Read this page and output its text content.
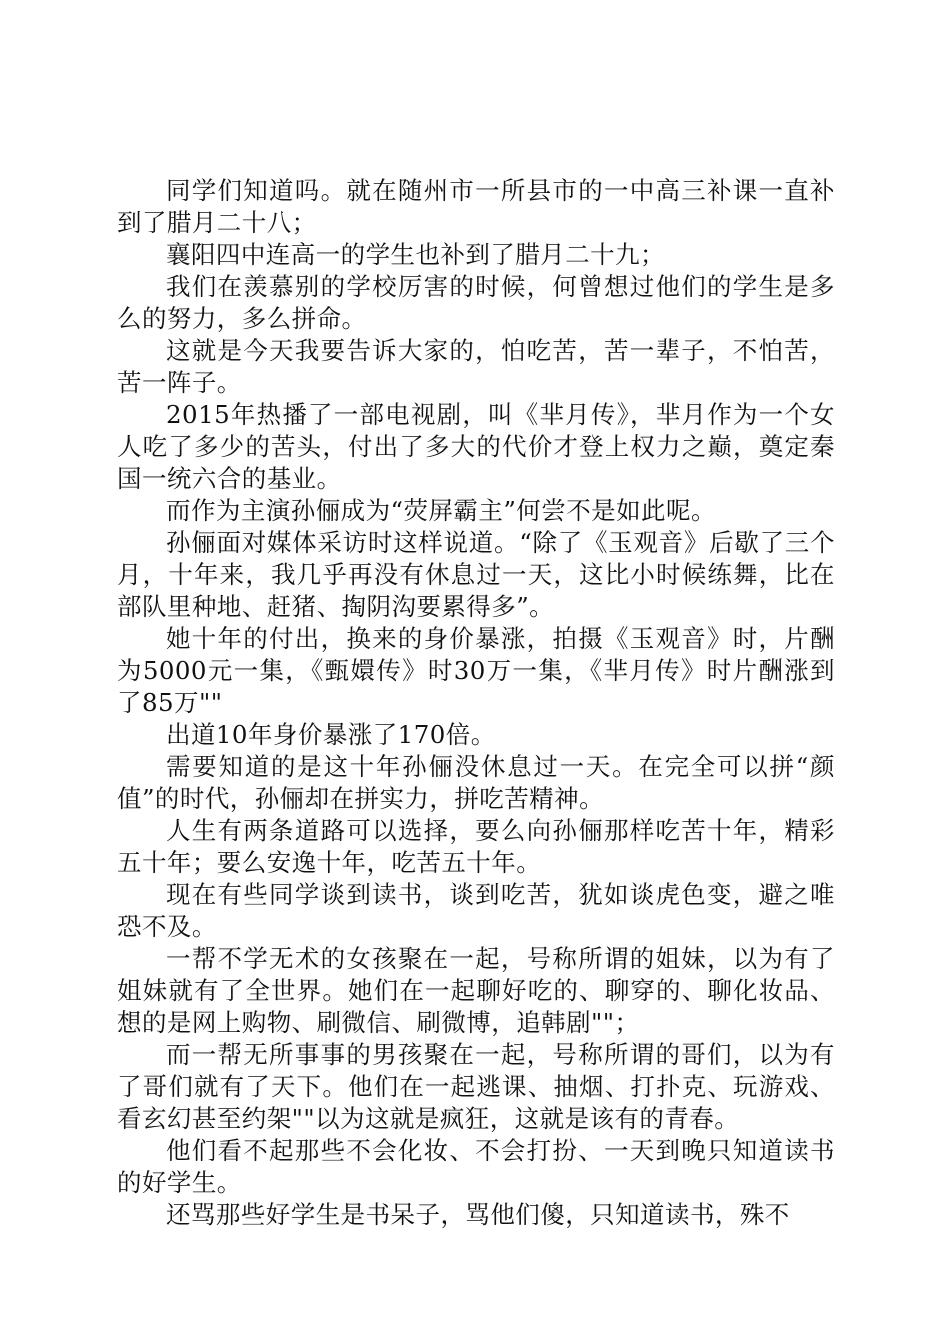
同学们知道吗。就在随州市一所县市的一中高三补课一直补到了腊月二十八；

襄阳四中连高一的学生也补到了腊月二十九；

我们在羡慕别的学校厉害的时候，何曾想过他们的学生是多么的努力，多么拼命。

这就是今天我要告诉大家的，怕吃苦，苦一辈子，不怕苦，苦一阵子。

2015年热播了一部电视剧，叫《芈月传》，芈月作为一个女人吃了多少的苦头，付出了多大的代价才登上权力之巅，奠定秦国一统六合的基业。

而作为主演孙俪成为“荧屏霸主”何尝不是如此呢。

孙俪面对媒体采访时这样说道。“除了《玉观音》后歇了三个月，十年来，我几乎再没有休息过一天，这比小时候练舞，比在部队里种地、赶猪、掏阴沟要累得多”。

她十年的付出，换来的身价暴涨，拍摄《玉观音》时，片酬为5000元一集，《甄嬛传》时30万一集，《芈月传》时片酬涨到了85万""

出道10年身价暴涨了170倍。

需要知道的是这十年孙俪没休息过一天。在完全可以拼“颜值”的时代，孙俪却在拼实力，拼吃苦精神。

人生有两条道路可以选择，要么向孙俪那样吃苦十年，精彩五十年；要么安逸十年，吃苦五十年。

现在有些同学谈到读书，谈到吃苦，犹如谈虎色变，避之唯恐不及。

一帮不学无术的女孩聚在一起，号称所谓的姐妹，以为有了姐妹就有了全世界。她们在一起聊好吃的、聊穿的、聊化妆品、想的是网上购物、刷微信、刷微博，追韩剧""；

而一帮无所事事的男孩聚在一起，号称所谓的哥们，以为有了哥们就有了天下。他们在一起逃课、抽烟、打扑克、玩游戏、看玄幻甚至约架""以为这就是疯狂，这就是该有的青春。

他们看不起那些不会化妆、不会打扮、一天到晚只知道读书的好学生。

还骂那些好学生是书呆子，骂他们傻，只知道读书，殊不
